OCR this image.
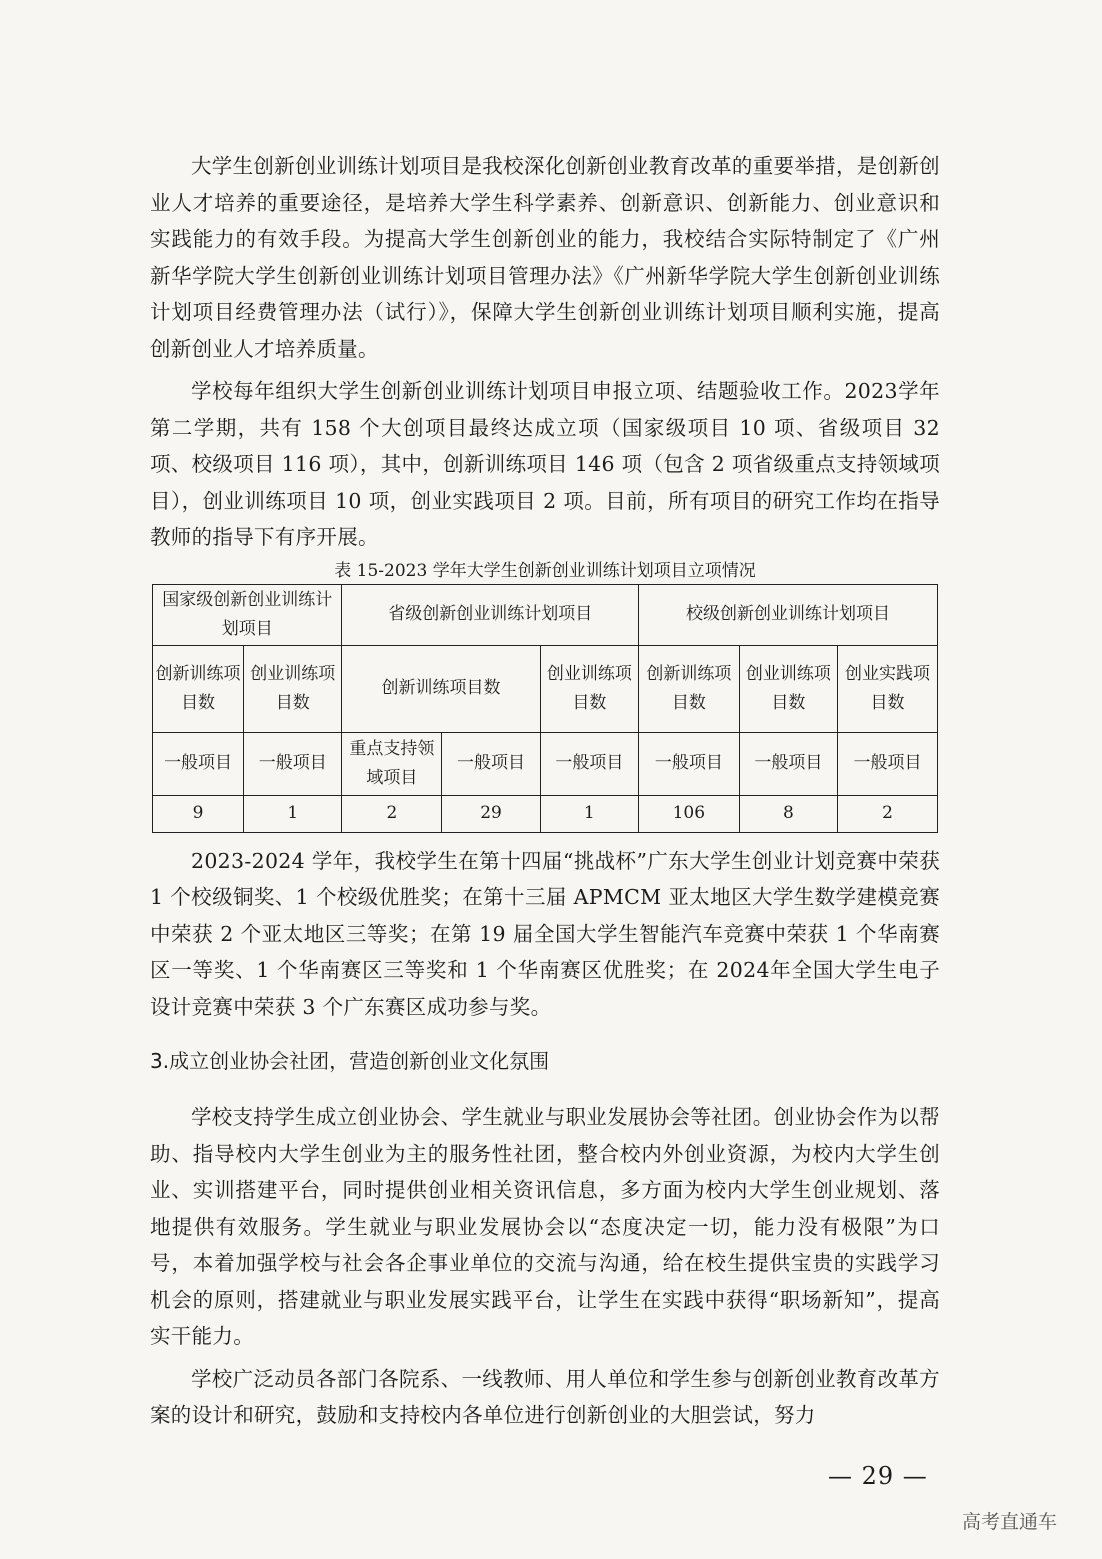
大学生创新创业训练计划项目是我校深化创新创业教育改革的重要举措，是创新创业人才培养的重要途径，是培养大学生科学素养、创新意识、创新能力、创业意识和实践能力的有效手段。为提高大学生创新创业的能力，我校结合实际特制定了《广州新华学院大学生创新创业训练计划项目管理办法》《广州新华学院大学生创新创业训练计划项目经费管理办法（试行）》，保障大学生创新创业训练计划项目顺利实施，提高创新创业人才培养质量。

学校每年组织大学生创新创业训练计划项目申报立项、结题验收工作。2023学年第二学期，共有 158 个大创项目最终达成立项（国家级项目 10 项、省级项目 32 项、校级项目 116 项），其中，创新训练项目 146 项（包含 2 项省级重点支持领域项目），创业训练项目 10 项，创业实践项目 2 项。目前，所有项目的研究工作均在指导教师的指导下有序开展。

表 15-2023 学年大学生创新创业训练计划项目立项情况
国家级创新创业训练计划项目		省级创新创业训练计划项目			校级创新创业训练计划项目		
创新训练项目数	创业训练项目数	创新训练项目数		创业训练项目数	创新训练项目数	创业训练项目数	创业实践项目数
一般项目	一般项目	重点支持领域项目	一般项目	一般项目	一般项目	一般项目	一般项目
9	1	2	29	1	106	8	2

2023-2024 学年，我校学生在第十四届“挑战杯”广东大学生创业计划竞赛中荣获 1 个校级铜奖、1 个校级优胜奖；在第十三届 APMCM 亚太地区大学生数学建模竞赛中荣获 2 个亚太地区三等奖；在第 19 届全国大学生智能汽车竞赛中荣获 1 个华南赛区一等奖、1 个华南赛区三等奖和 1 个华南赛区优胜奖；在 2024年全国大学生电子设计竞赛中荣获 3 个广东赛区成功参与奖。

3.成立创业协会社团，营造创新创业文化氛围

学校支持学生成立创业协会、学生就业与职业发展协会等社团。创业协会作为以帮助、指导校内大学生创业为主的服务性社团，整合校内外创业资源，为校内大学生创业、实训搭建平台，同时提供创业相关资讯信息，多方面为校内大学生创业规划、落地提供有效服务。学生就业与职业发展协会以“态度决定一切，能力没有极限”为口号，本着加强学校与社会各企事业单位的交流与沟通，给在校生提供宝贵的实践学习机会的原则，搭建就业与职业发展实践平台，让学生在实践中获得“职场新知”，提高实干能力。

学校广泛动员各部门各院系、一线教师、用人单位和学生参与创新创业教育改革方案的设计和研究，鼓励和支持校内各单位进行创新创业的大胆尝试，努力

— 29 —
高考直通车
